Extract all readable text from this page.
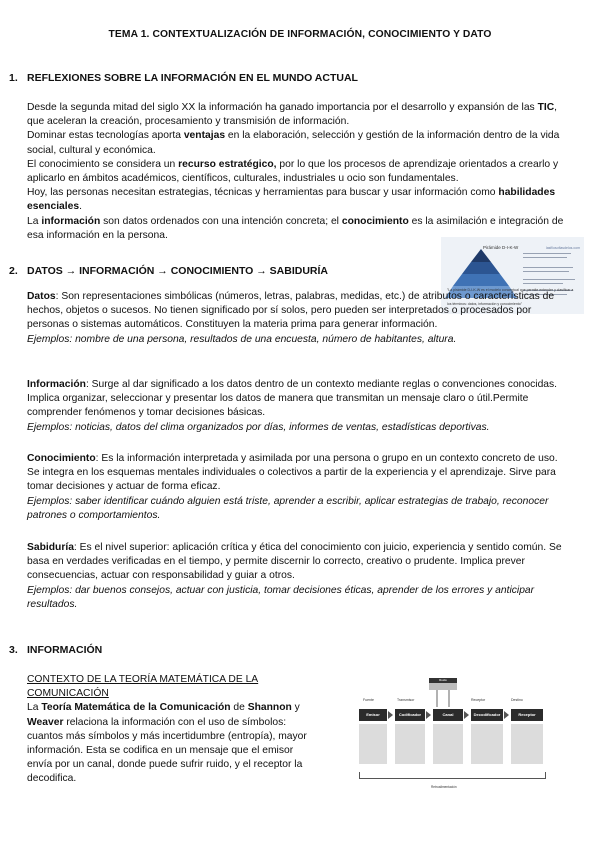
TEMA 1. CONTEXTUALIZACIÓN DE INFORMACIÓN, CONOCIMIENTO Y DATO
1. REFLEXIONES SOBRE LA INFORMACIÓN EN EL MUNDO ACTUAL

Desde la segunda mitad del siglo XX la información ha ganado importancia por el desarrollo y expansión de las TIC, que aceleran la creación, procesamiento y transmisión de información.

Dominar estas tecnologías aporta ventajas en la elaboración, selección y gestión de la información dentro de la vida social, cultural y económica.

El conocimiento se considera un recurso estratégico, por lo que los procesos de aprendizaje orientados a crearlo y aplicarlo en ámbitos académicos, científicos, culturales, industriales u ocio son fundamentales.

Hoy, las personas necesitan estrategias, técnicas y herramientas para buscar y usar información como habilidades esenciales.

La información son datos ordenados con una intención concreta; el conocimiento es la asimilación e integración de esa información en la persona.

2. DATOS → INFORMACIÓN → CONOCIMIENTO → SABIDURÍA
Pirámide D-I-K-W	lasfilosofiasdelos.com
"La pirámide D-I-K-W es el modelo conceptual que permite entender y clasificar a los términos: datos, información y conocimiento"

Datos: Son representaciones simbólicas (números, letras, palabras, medidas, etc.) de atributos o características de hechos, objetos o sucesos. No tienen significado por sí solos, pero pueden ser interpretados o procesados por personas o sistemas automáticos. Constituyen la materia prima para generar información.

Ejemplos: nombre de una persona, resultados de una encuesta, número de habitantes, altura.

Información: Surge al dar significado a los datos dentro de un contexto mediante reglas o convenciones conocidas. Implica organizar, seleccionar y presentar los datos de manera que transmitan un mensaje claro o útil.Permite comprender fenómenos y tomar decisiones básicas.

Ejemplos: noticias, datos del clima organizados por días, informes de ventas, estadísticas deportivas.

Conocimiento: Es la información interpretada y asimilada por una persona o grupo en un contexto concreto de uso. Se integra en los esquemas mentales individuales o colectivos a partir de la experiencia y el aprendizaje. Sirve para tomar decisiones y actuar de forma eficaz.

Ejemplos: saber identificar cuándo alguien está triste, aprender a escribir, aplicar estrategias de trabajo, reconocer patrones o comportamientos.

Sabiduría: Es el nivel superior: aplicación crítica y ética del conocimiento con juicio, experiencia y sentido común. Se basa en verdades verificadas en el tiempo, y permite discernir lo correcto, creativo o prudente. Implica prever consecuencias, actuar con responsabilidad y guiar a otros.

Ejemplos: dar buenos consejos, actuar con justicia, tomar decisiones éticas, aprender de los errores y anticipar resultados.

3. INFORMACIÓN

CONTEXTO DE LA TEORÍA MATEMÁTICA DE LA COMUNICACIÓN

La Teoría Matemática de la Comunicación de Shannon y Weaver relaciona la información con el uso de símbolos: cuantos más símbolos y más incertidumbre (entropía), mayor información. Esta se codifica en un mensaje que el emisor envía por un canal, donde puede sufrir ruido, y el receptor la decodifica.

Ruido
Fuente	Transmisor	Receptor	Destino
Emisor	Codificador	Canal	Decodificador	Receptor
Retroalimentación
